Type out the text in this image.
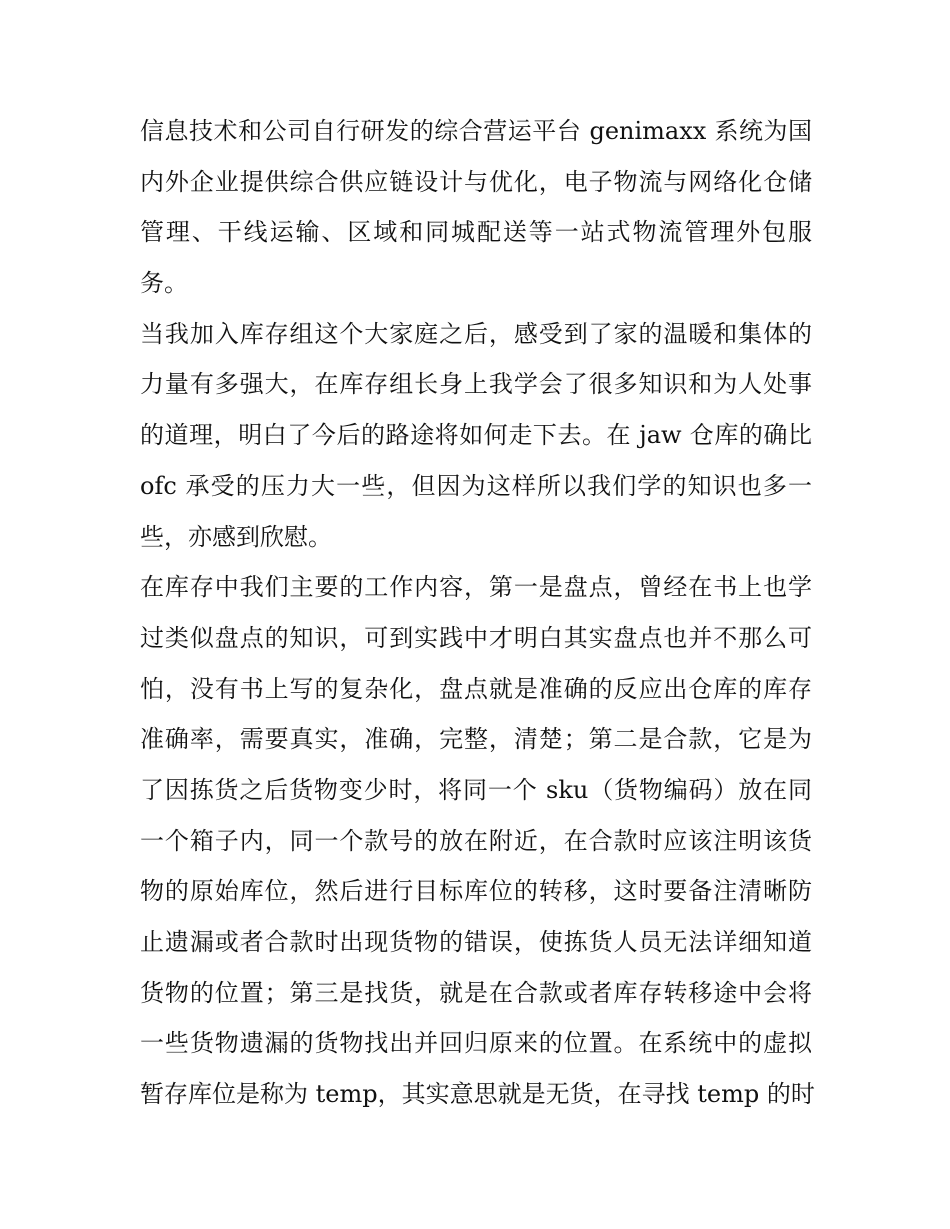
信息技术和公司自行研发的综合营运平台 genimaxx 系统为国
内外企业提供综合供应链设计与优化，电子物流与网络化仓储
管理、干线运输、区域和同城配送等一站式物流管理外包服
务。
当我加入库存组这个大家庭之后，感受到了家的温暖和集体的
力量有多强大，在库存组长身上我学会了很多知识和为人处事
的道理，明白了今后的路途将如何走下去。在 jaw 仓库的确比
ofc 承受的压力大一些，但因为这样所以我们学的知识也多一
些，亦感到欣慰。
在库存中我们主要的工作内容，第一是盘点，曾经在书上也学
过类似盘点的知识，可到实践中才明白其实盘点也并不那么可
怕，没有书上写的复杂化，盘点就是准确的反应出仓库的库存
准确率，需要真实，准确，完整，清楚；第二是合款，它是为
了因拣货之后货物变少时，将同一个 sku（货物编码）放在同
一个箱子内，同一个款号的放在附近，在合款时应该注明该货
物的原始库位，然后进行目标库位的转移，这时要备注清晰防
止遗漏或者合款时出现货物的错误，使拣货人员无法详细知道
货物的位置；第三是找货，就是在合款或者库存转移途中会将
一些货物遗漏的货物找出并回归原来的位置。在系统中的虚拟
暂存库位是称为 temp，其实意思就是无货，在寻找 temp 的时
